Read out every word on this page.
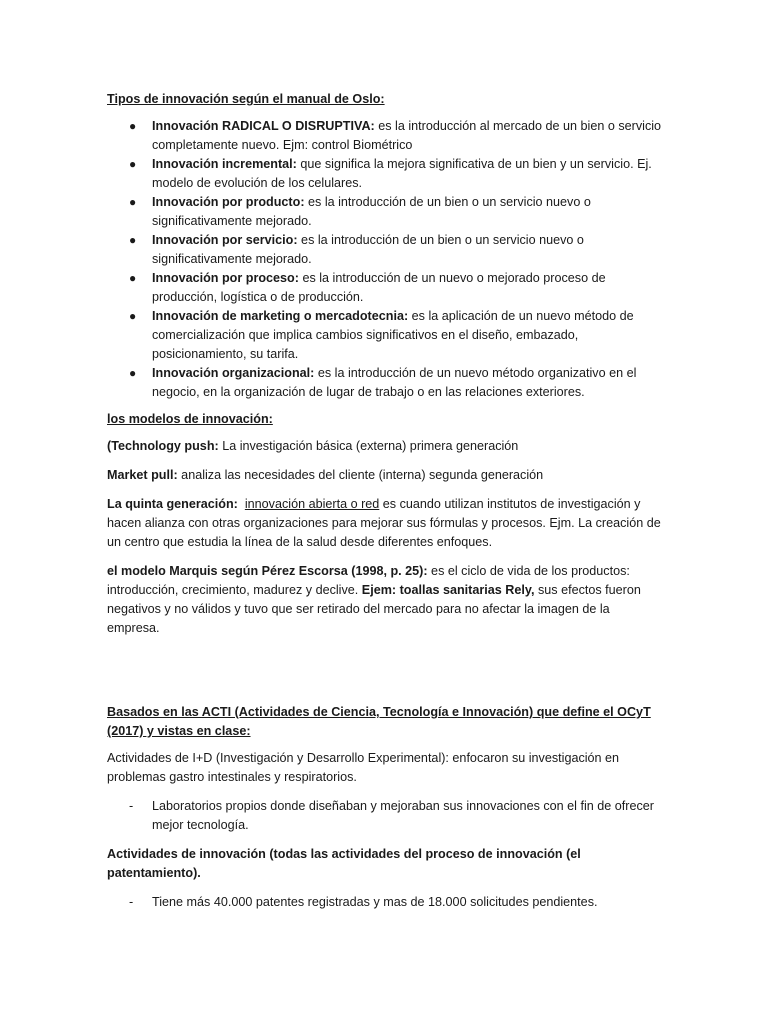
Tipos de innovación según el manual de Oslo:

● Innovación RADICAL O DISRUPTIVA: es la introducción al mercado de un bien o servicio completamente nuevo. Ejm: control Biométrico
● Innovación incremental: que significa la mejora significativa de un bien y un servicio. Ej. modelo de evolución de los celulares.
● Innovación por producto: es la introducción de un bien o un servicio nuevo o significativamente mejorado.
● Innovación por servicio: es la introducción de un bien o un servicio nuevo o significativamente mejorado.
● Innovación por proceso: es la introducción de un nuevo o mejorado proceso de producción, logística o de producción.
● Innovación de marketing o mercadotecnia: es la aplicación de un nuevo método de comercialización que implica cambios significativos en el diseño, embazado, posicionamiento, su tarifa.
● Innovación organizacional: es la introducción de un nuevo método organizativo en el negocio, en la organización de lugar de trabajo o en las relaciones exteriores.

los modelos de innovación:

(Technology push: La investigación básica (externa) primera generación

Market pull: analiza las necesidades del cliente (interna) segunda generación

La quinta generación: innovación abierta o red es cuando utilizan institutos de investigación y hacen alianza con otras organizaciones para mejorar sus fórmulas y procesos. Ejm. La creación de un centro que estudia la línea de la salud desde diferentes enfoques.

el modelo Marquis según Pérez Escorsa (1998, p. 25): es el ciclo de vida de los productos: introducción, crecimiento, madurez y declive. Ejem: toallas sanitarias Rely, sus efectos fueron negativos y no válidos y tuvo que ser retirado del mercado para no afectar la imagen de la empresa.

Basados en las ACTI (Actividades de Ciencia, Tecnología e Innovación) que define el OCyT (2017) y vistas en clase:

Actividades de I+D (Investigación y Desarrollo Experimental): enfocaron su investigación en problemas gastro intestinales y respiratorios.

- Laboratorios propios donde diseñaban y mejoraban sus innovaciones con el fin de ofrecer mejor tecnología.

Actividades de innovación (todas las actividades del proceso de innovación (el patentamiento).

- Tiene más 40.000 patentes registradas y mas de 18.000 solicitudes pendientes.
